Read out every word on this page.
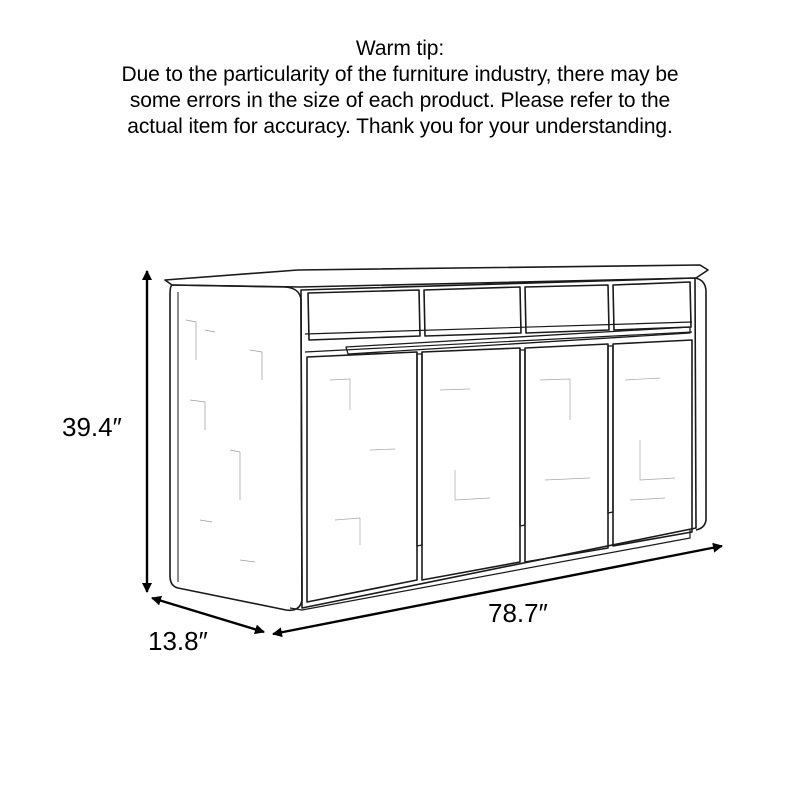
Warm tip:
Due to the particularity of the furniture industry, there may be
some errors in the size of each product. Please refer to the
actual item for accuracy. Thank you for your understanding.
39.4″
13.8″
78.7″
